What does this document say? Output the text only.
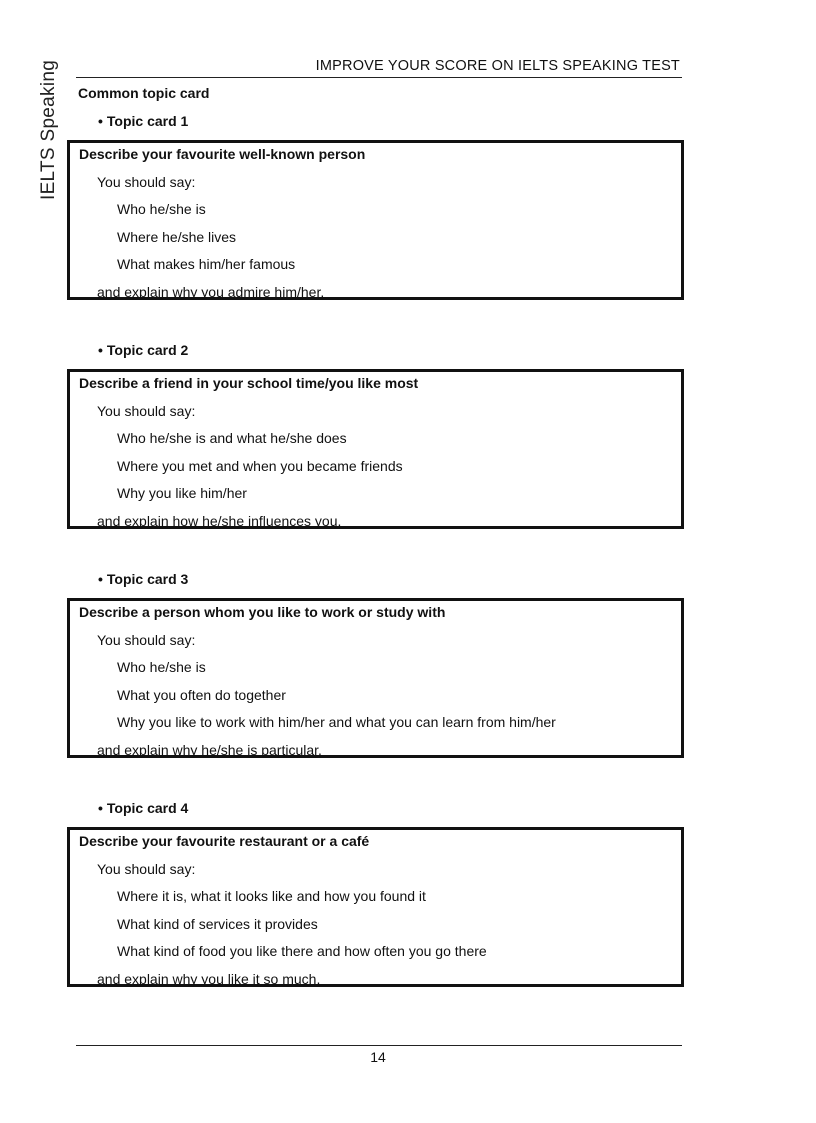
IELTS Speaking	IMPROVE YOUR SCORE ON IELTS SPEAKING TEST
Common topic card
• Topic card 1
Describe your favourite well-known person
You should say:
Who he/she is
Where he/she lives
What makes him/her famous
and explain why you admire him/her.
• Topic card 2
Describe a friend in your school time/you like most
You should say:
Who he/she is and what he/she does
Where you met and when you became friends
Why you like him/her
and explain how he/she influences you.
• Topic card 3
Describe a person whom you like to work or study with
You should say:
Who he/she is
What you often do together
Why you like to work with him/her and what you can learn from him/her
and explain why he/she is particular.
• Topic card 4
Describe your favourite restaurant or a café
You should say:
Where it is, what it looks like and how you found it
What kind of services it provides
What kind of food you like there and how often you go there
and explain why you like it so much.
14
